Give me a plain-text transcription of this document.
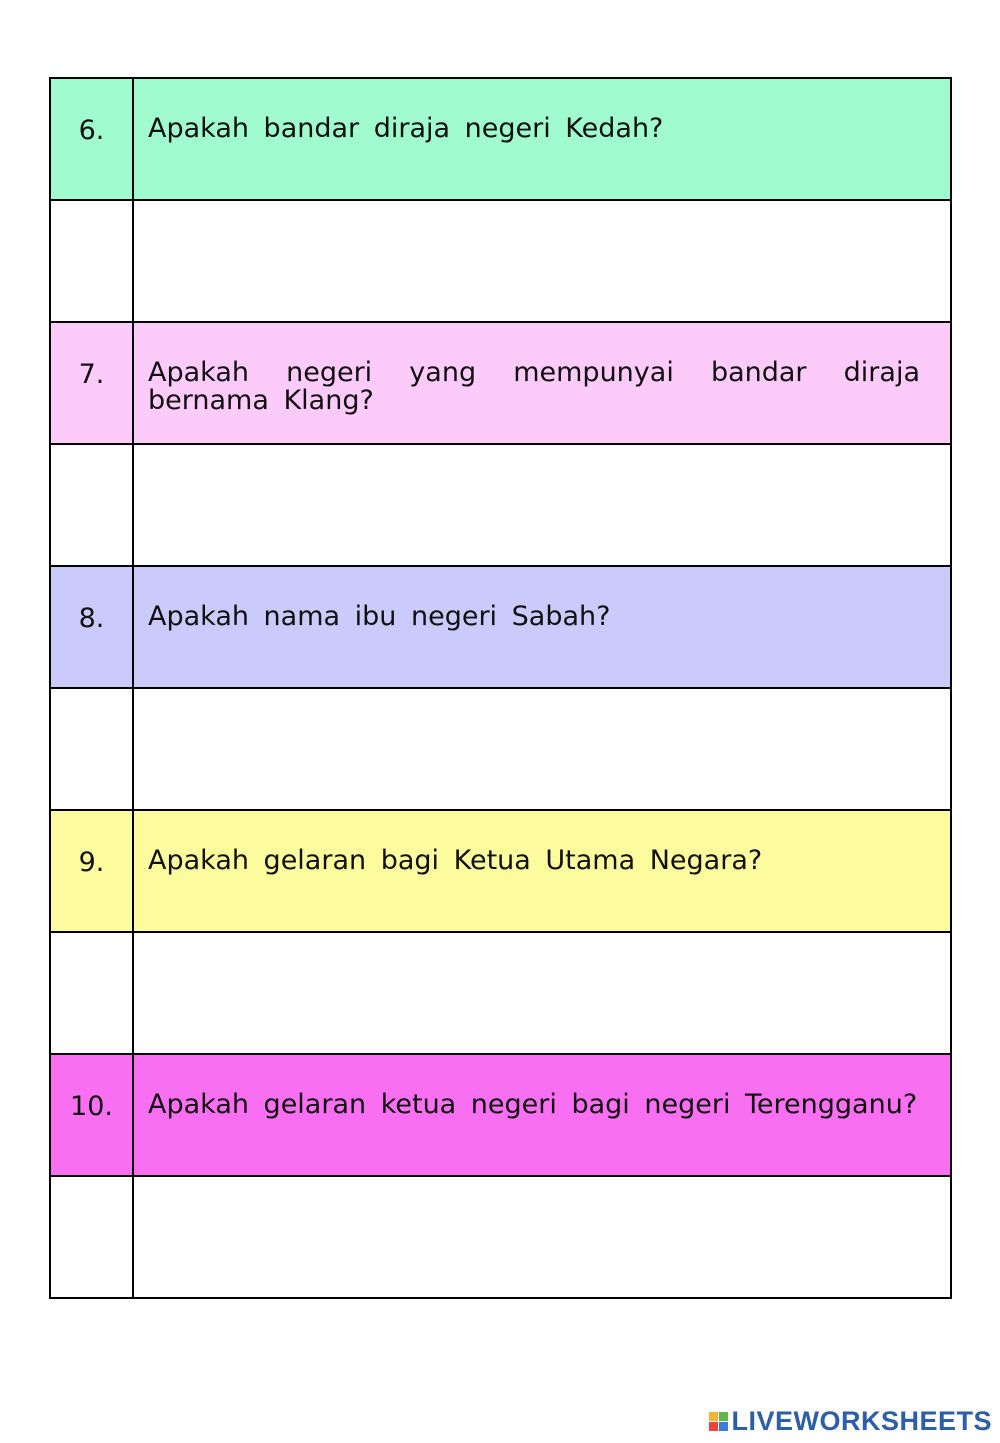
6.	Apakah bandar diraja negeri Kedah?

7.	Apakah negeri yang mempunyai bandar diraja bernama Klang?

8.	Apakah nama ibu negeri Sabah?

9.	Apakah gelaran bagi Ketua Utama Negara?

10.	Apakah gelaran ketua negeri bagi negeri Terengganu?

LIVEWORKSHEETS
